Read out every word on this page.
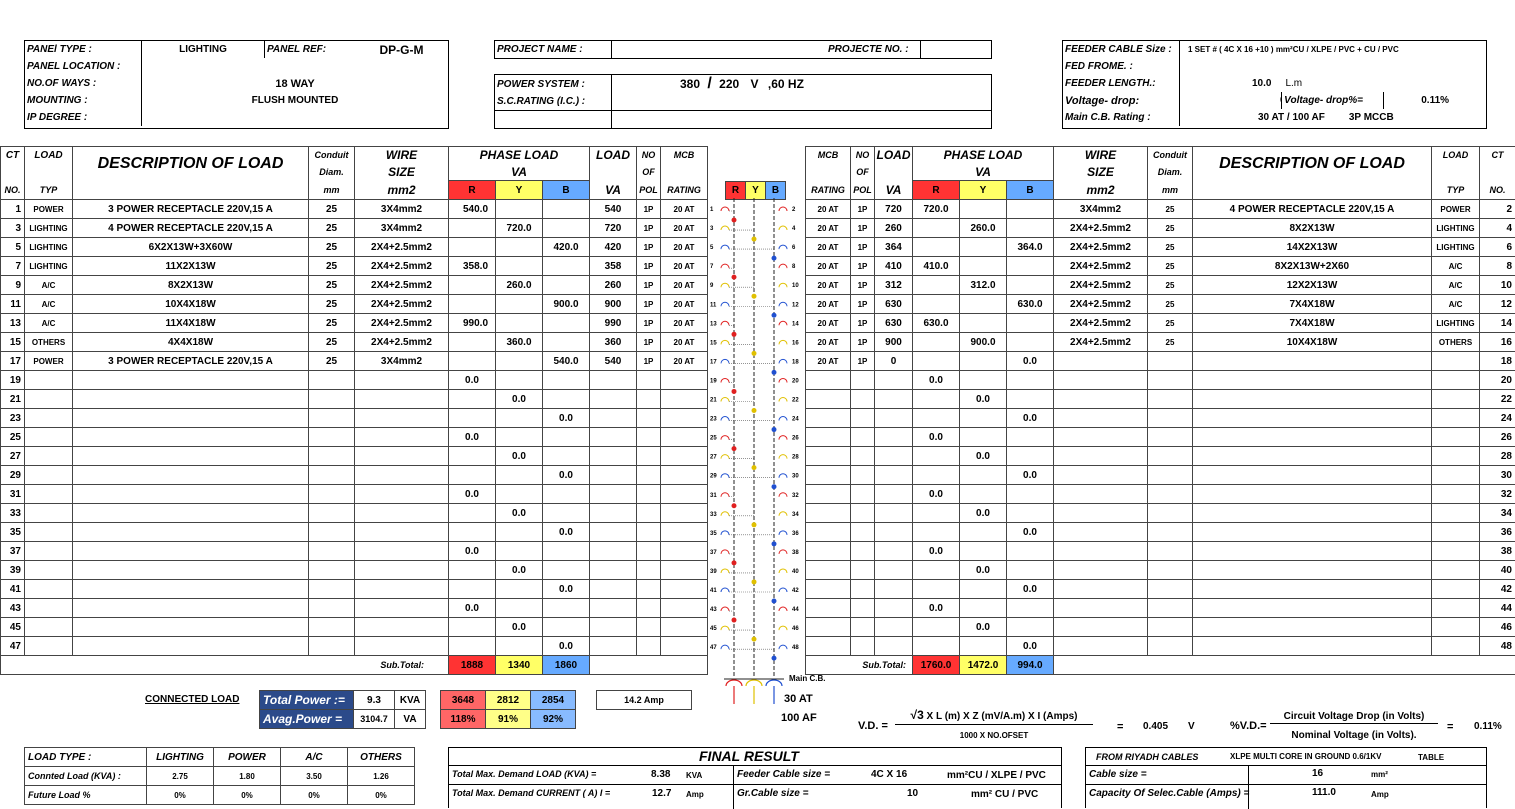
PANEl TYPE :	LIGHTING	PANEL REF:	DP-G-M
PANEL LOCATION :			
NO.OF WAYS :	18 WAY		
MOUNTING :	FLUSH MOUNTED		
IP DEGREE :			
PROJECT NAME :		PROJECTE NO. :	
POWER SYSTEM :	380 / 220 V ,60 HZ
S.C.RATING (I.C.) :	

FEEDER CABLE Size :	1 SET # ( 4C X 16 +10 ) mm²CU / XLPE / PVC + CU / PVC		
FED FROME. :			
FEEDER LENGTH.:	10.0 L.m		
Voltage- drop:		Voltage- drop%=	0.11%
Main C.B. Rating :	30 AT / 100 AF 3P MCCB		
CT	LOAD	DESCRIPTION OF LOAD	Conduit	WIRE	PHASE LOAD			LOAD	NO	MCB
			Diam.	SIZE	VA				OF	
NO.	TYP		mm	mm2	R	Y	B	VA	POL	RATING
1	POWER	3 POWER RECEPTACLE 220V,15 A	25	3X4mm2	540.0			540	1P	20 AT
3	LIGHTING	4 POWER RECEPTACLE 220V,15 A	25	3X4mm2		720.0		720	1P	20 AT
5	LIGHTING	6X2X13W+3X60W	25	2X4+2.5mm2			420.0	420	1P	20 AT
7	LIGHTING	11X2X13W	25	2X4+2.5mm2	358.0			358	1P	20 AT
9	A/C	8X2X13W	25	2X4+2.5mm2		260.0		260	1P	20 AT
11	A/C	10X4X18W	25	2X4+2.5mm2			900.0	900	1P	20 AT
13	A/C	11X4X18W	25	2X4+2.5mm2	990.0			990	1P	20 AT
15	OTHERS	4X4X18W	25	2X4+2.5mm2		360.0		360	1P	20 AT
17	POWER	3 POWER RECEPTACLE 220V,15 A	25	3X4mm2			540.0	540	1P	20 AT
19					0.0					
21						0.0				
23							0.0			
25					0.0					
27						0.0				
29							0.0			
31					0.0					
33						0.0				
35							0.0			
37					0.0					
39						0.0				
41							0.0			
43					0.0					
45						0.0				
47							0.0			
Sub.Total:					1888	1340	1860			
R	Y	B
1	2
3	4
5	6
7	8
9	10
11	12
13	14
15	16
17	18
19	20
21	22
23	24
25	26
27	28
29	30
31	32
33	34
35	36
37	38
39	40
41	42
43	44
45	46
47	48
Main C.B.
30 AT
100 AF
MCB	NO	LOAD	PHASE LOAD			WIRE	Conduit	DESCRIPTION OF LOAD	LOAD	CT
	OF		VA			SIZE	Diam.			
RATING	POL	VA	R	Y	B	mm2	mm		TYP	NO.
20 AT	1P	720	720.0			3X4mm2	25	4 POWER RECEPTACLE 220V,15 A	POWER	2
20 AT	1P	260		260.0		2X4+2.5mm2	25	8X2X13W	LIGHTING	4
20 AT	1P	364			364.0	2X4+2.5mm2	25	14X2X13W	LIGHTING	6
20 AT	1P	410	410.0			2X4+2.5mm2	25	8X2X13W+2X60	A/C	8
20 AT	1P	312		312.0		2X4+2.5mm2	25	12X2X13W	A/C	10
20 AT	1P	630			630.0	2X4+2.5mm2	25	7X4X18W	A/C	12
20 AT	1P	630	630.0			2X4+2.5mm2	25	7X4X18W	LIGHTING	14
20 AT	1P	900		900.0		2X4+2.5mm2	25	10X4X18W	OTHERS	16
20 AT	1P	0			0.0					18
			0.0							20
				0.0						22
					0.0					24
			0.0							26
				0.0						28
					0.0					30
			0.0							32
				0.0						34
					0.0					36
			0.0							38
				0.0						40
					0.0					42
			0.0							44
				0.0						46
					0.0					48
Sub.Total:			1760.0	1472.0	994.0					
CONNECTED LOAD Total Power :=	9.3	KVA		3648	2812	2854		14.2 Amp
Avag.Power =	3104.7	VA		118%	91%	92%		
V.D. =
√3 X L (m) X Z (mV/A.m) X I (Amps)
1000 X NO.OFSET
= 0.405 V	%V.D.=
Circuit Voltage Drop (in Volts)
Nominal Voltage (in Volts).
= 0.11%
LOAD TYPE :	LIGHTING	POWER	A/C	OTHERS
Connted Load (KVA) :	2.75	1.80	3.50	1.26
Future Load %	0%	0%	0%	0%
FINAL RESULT
Total Max. Demand LOAD (KVA) =	8.38 KVA
Total Max. Demand CURRENT ( A) I =	12.7 Amp
Feeder Cable size =	4C X 16	mm²CU / XLPE / PVC
Gr.Cable size =	10	mm² CU / PVC
FROM RIYADH CABLES	XLPE MULTI CORE IN GROUND 0.6/1KV	TABLE
Cable size =	16	mm²
Capacity Of Selec.Cable (Amps) =	111.0	Amp
